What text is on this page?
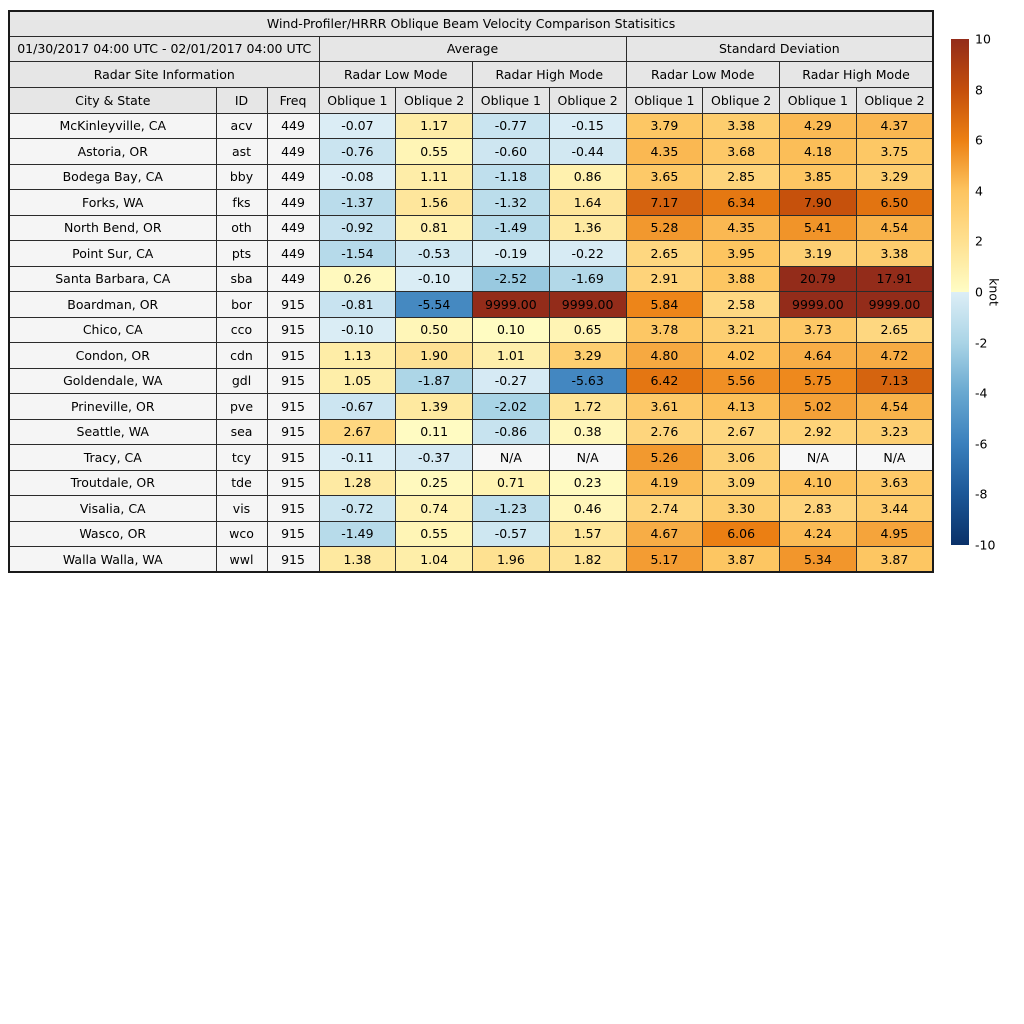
Wind-Profiler/HRRR Oblique Beam Velocity Comparison Statisitics										
01/30/2017 04:00 UTC - 02/01/2017 04:00 UTC			Average				Standard Deviation			
Radar Site Information			Radar Low Mode		Radar High Mode		Radar Low Mode		Radar High Mode	
City & State	ID	Freq	Oblique 1	Oblique 2	Oblique 1	Oblique 2	Oblique 1	Oblique 2	Oblique 1	Oblique 2
McKinleyville, CA	acv	449	-0.07	1.17	-0.77	-0.15	3.79	3.38	4.29	4.37
Astoria, OR	ast	449	-0.76	0.55	-0.60	-0.44	4.35	3.68	4.18	3.75
Bodega Bay, CA	bby	449	-0.08	1.11	-1.18	0.86	3.65	2.85	3.85	3.29
Forks, WA	fks	449	-1.37	1.56	-1.32	1.64	7.17	6.34	7.90	6.50
North Bend, OR	oth	449	-0.92	0.81	-1.49	1.36	5.28	4.35	5.41	4.54
Point Sur, CA	pts	449	-1.54	-0.53	-0.19	-0.22	2.65	3.95	3.19	3.38
Santa Barbara, CA	sba	449	0.26	-0.10	-2.52	-1.69	2.91	3.88	20.79	17.91
Boardman, OR	bor	915	-0.81	-5.54	9999.00	9999.00	5.84	2.58	9999.00	9999.00
Chico, CA	cco	915	-0.10	0.50	0.10	0.65	3.78	3.21	3.73	2.65
Condon, OR	cdn	915	1.13	1.90	1.01	3.29	4.80	4.02	4.64	4.72
Goldendale, WA	gdl	915	1.05	-1.87	-0.27	-5.63	6.42	5.56	5.75	7.13
Prineville, OR	pve	915	-0.67	1.39	-2.02	1.72	3.61	4.13	5.02	4.54
Seattle, WA	sea	915	2.67	0.11	-0.86	0.38	2.76	2.67	2.92	3.23
Tracy, CA	tcy	915	-0.11	-0.37	N/A	N/A	5.26	3.06	N/A	N/A
Troutdale, OR	tde	915	1.28	0.25	0.71	0.23	4.19	3.09	4.10	3.63
Visalia, CA	vis	915	-0.72	0.74	-1.23	0.46	2.74	3.30	2.83	3.44
Wasco, OR	wco	915	-1.49	0.55	-0.57	1.57	4.67	6.06	4.24	4.95
Walla Walla, WA	wwl	915	1.38	1.04	1.96	1.82	5.17	3.87	5.34	3.87
10
8
6
4
2
0
-2
-4
-6
-8
-10
knot
